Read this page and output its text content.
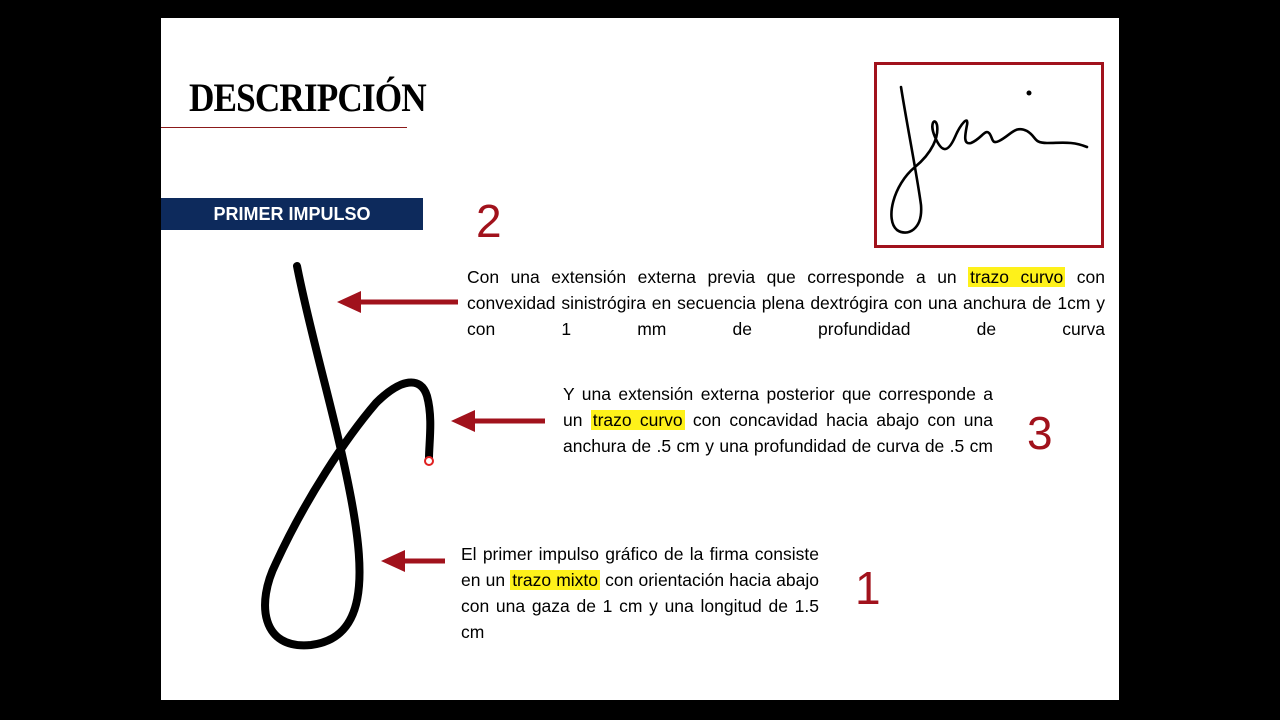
DESCRIPCIÓN
PRIMER IMPULSO	2
3
1
Con una extensión externa previa que corresponde a un trazo curvo con convexidad sinistrógira en secuencia plena dextrógira con una anchura de 1cm y con 1 mm de profundidad de curva
Y una extensión externa posterior que corresponde a un trazo curvo con concavidad hacia abajo con una anchura de .5 cm y una profundidad de curva de .5 cm
El primer impulso gráfico de la firma consiste en un trazo mixto con orientación hacia abajo con una gaza de 1 cm y una longitud de 1.5 cm
